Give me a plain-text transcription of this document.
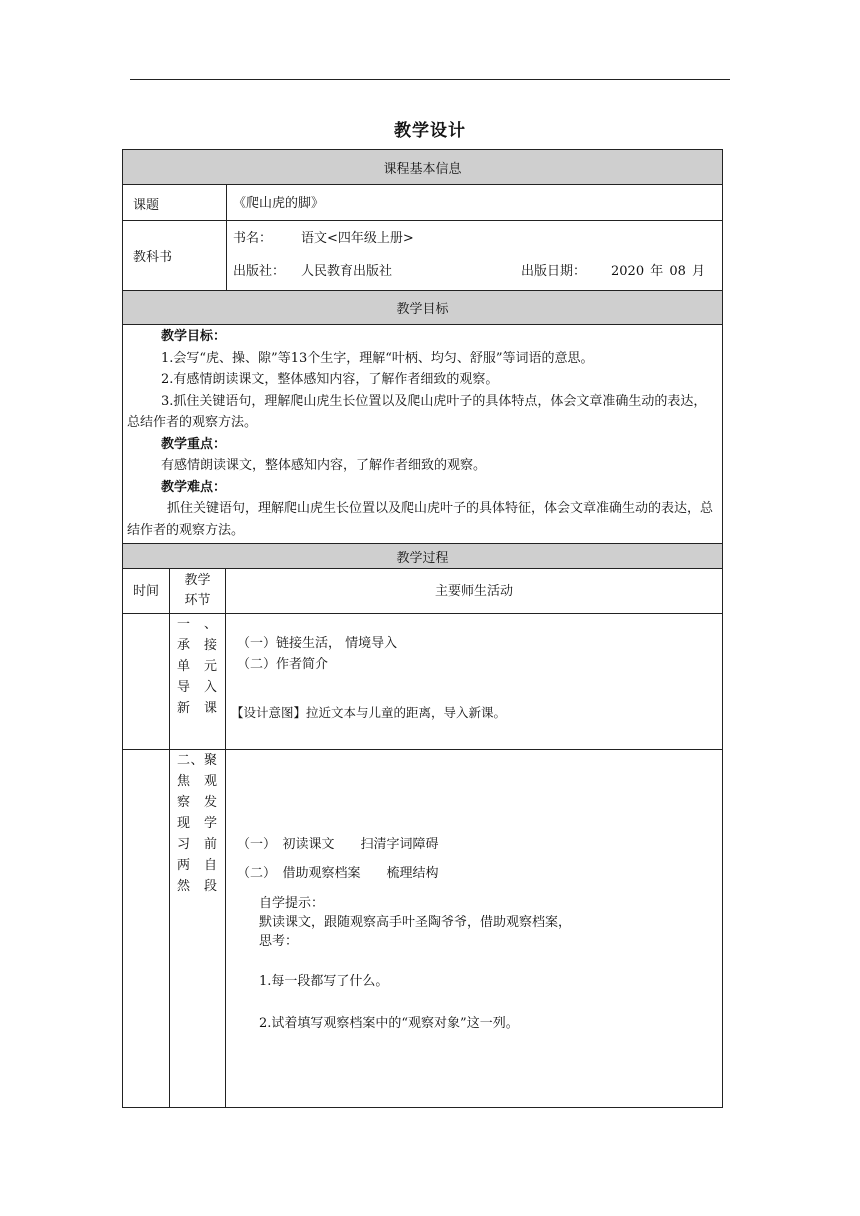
教学设计
课程基本信息
课题	《爬山虎的脚》
教科书
书名： 语文<四年级上册>
出版社： 人民教育出版社	出版日期： 2020 年 08 月
教学目标

教学目标：

1.会写“虎、操、隙”等13个生字，理解“叶柄、均匀、舒服”等词语的意思。

2.有感情朗读课文，整体感知内容，了解作者细致的观察。

3.抓住关键语句，理解爬山虎生长位置以及爬山虎叶子的具体特点，体会文章准确生动的表达，总结作者的观察方法。

教学重点：

有感情朗读课文，整体感知内容，了解作者细致的观察。

教学难点：

抓住关键语句，理解爬山虎生长位置以及爬山虎叶子的具体特征，体会文章准确生动的表达，总结作者的观察方法。

教学过程
时间
教学
环节
主要师生活动
一、
承　接
单　元
导　入
新课
（一）链接生活， 情境导入
（二）作者简介
【设计意图】拉近文本与儿童的距离，导入新课。
二、聚
焦观
察发
现学
习前
两自
然段
（一）　初读课文　　扫清字词障碍
（二）　借助观察档案　　梳理结构
自学提示：
默读课文，跟随观察高手叶圣陶爷爷，借助观察档案，
思考：
1.每一段都写了什么。
2.试着填写观察档案中的“观察对象”这一列。
